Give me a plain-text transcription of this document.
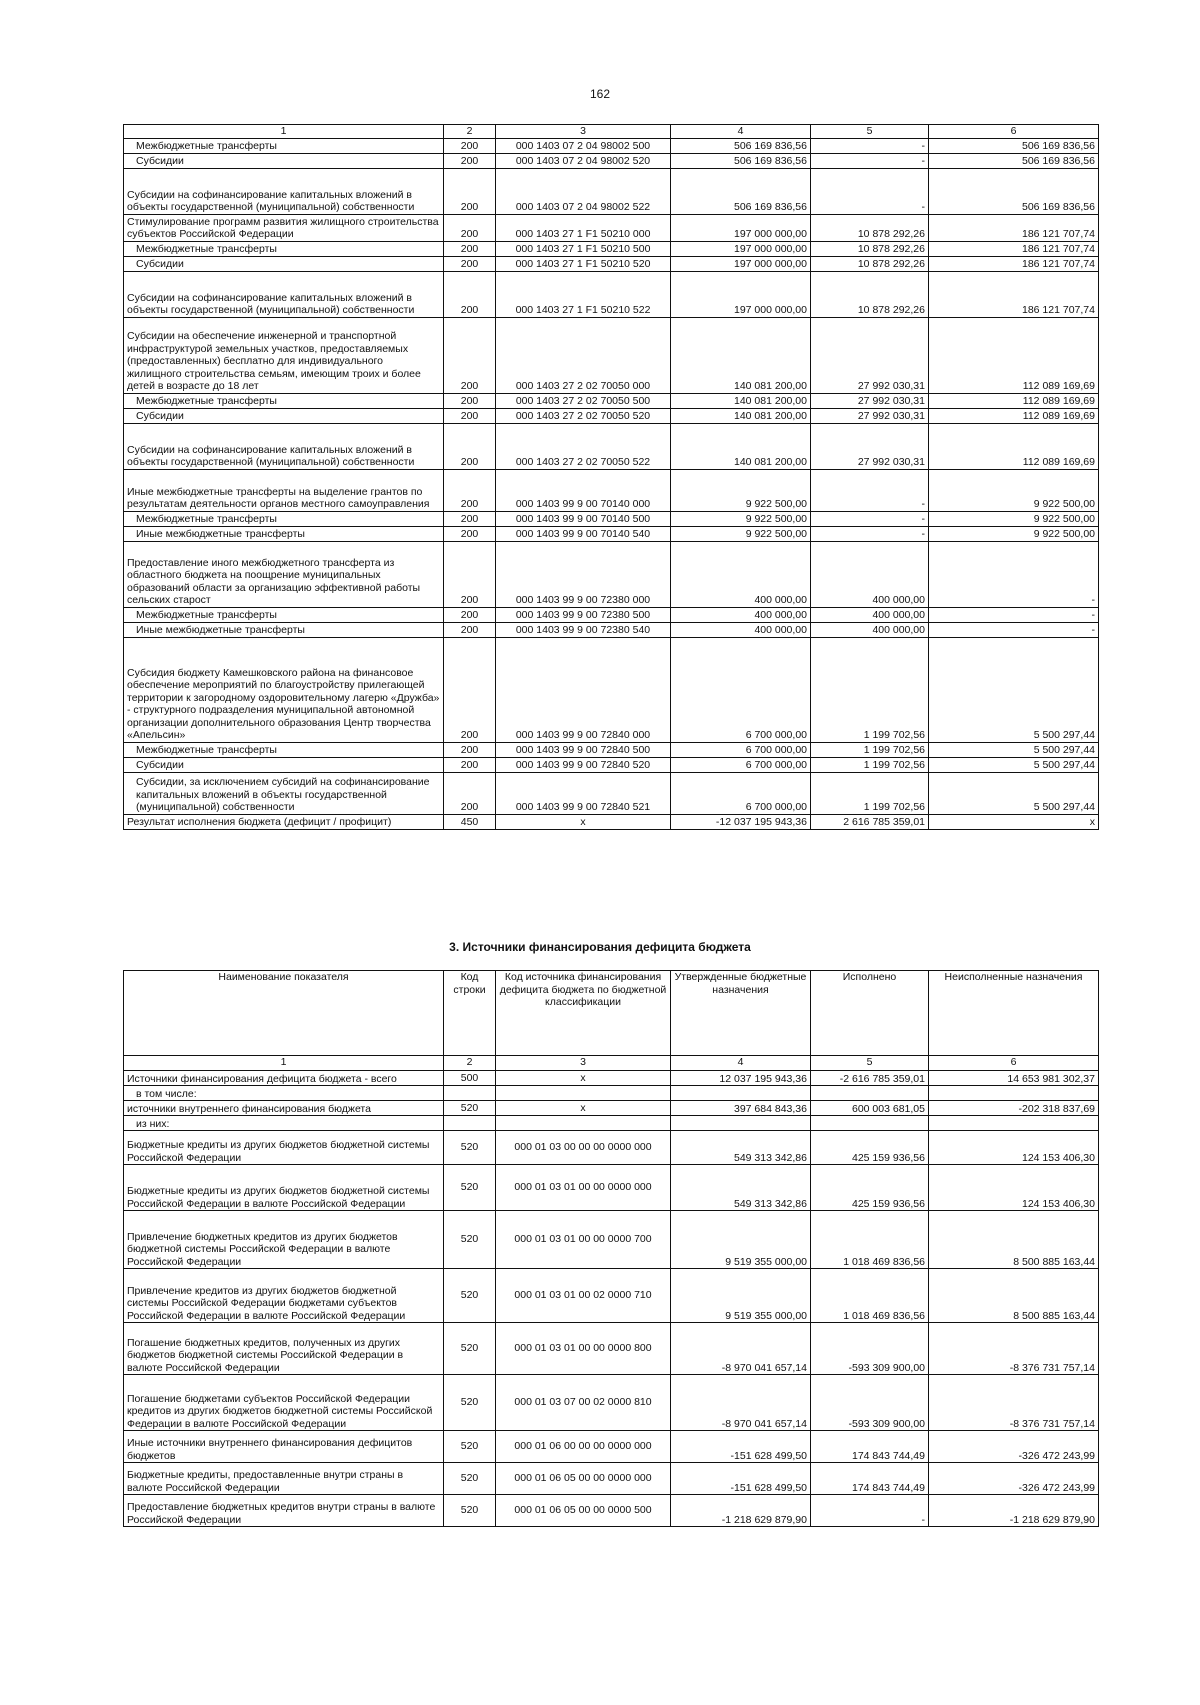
162
1	2	3	4	5	6
Межбюджетные трансферты	200	000 1403 07 2 04 98002 500	506 169 836,56	-	506 169 836,56
Субсидии	200	000 1403 07 2 04 98002 520	506 169 836,56	-	506 169 836,56
Субсидии на софинансирование капитальных вложений в объекты государственной (муниципальной) собственности	200	000 1403 07 2 04 98002 522	506 169 836,56	-	506 169 836,56
Стимулирование программ развития жилищного строительства субъектов Российской Федерации	200	000 1403 27 1 F1 50210 000	197 000 000,00	10 878 292,26	186 121 707,74
Межбюджетные трансферты	200	000 1403 27 1 F1 50210 500	197 000 000,00	10 878 292,26	186 121 707,74
Субсидии	200	000 1403 27 1 F1 50210 520	197 000 000,00	10 878 292,26	186 121 707,74
Субсидии на софинансирование капитальных вложений в объекты государственной (муниципальной) собственности	200	000 1403 27 1 F1 50210 522	197 000 000,00	10 878 292,26	186 121 707,74
Субсидии на обеспечение инженерной и транспортной инфраструктурой земельных участков, предоставляемых (предоставленных) бесплатно для индивидуального жилищного строительства семьям, имеющим троих и более детей в возрасте до 18 лет	200	000 1403 27 2 02 70050 000	140 081 200,00	27 992 030,31	112 089 169,69
Межбюджетные трансферты	200	000 1403 27 2 02 70050 500	140 081 200,00	27 992 030,31	112 089 169,69
Субсидии	200	000 1403 27 2 02 70050 520	140 081 200,00	27 992 030,31	112 089 169,69
Субсидии на софинансирование капитальных вложений в объекты государственной (муниципальной) собственности	200	000 1403 27 2 02 70050 522	140 081 200,00	27 992 030,31	112 089 169,69
Иные межбюджетные трансферты на выделение грантов по результатам деятельности органов местного самоуправления	200	000 1403 99 9 00 70140 000	9 922 500,00	-	9 922 500,00
Межбюджетные трансферты	200	000 1403 99 9 00 70140 500	9 922 500,00	-	9 922 500,00
Иные межбюджетные трансферты	200	000 1403 99 9 00 70140 540	9 922 500,00	-	9 922 500,00
Предоставление иного межбюджетного трансферта из областного бюджета на поощрение муниципальных образований области за организацию эффективной работы сельских старост	200	000 1403 99 9 00 72380 000	400 000,00	400 000,00	-
Межбюджетные трансферты	200	000 1403 99 9 00 72380 500	400 000,00	400 000,00	-
Иные межбюджетные трансферты	200	000 1403 99 9 00 72380 540	400 000,00	400 000,00	-
Субсидия бюджету Камешковского района на финансовое обеспечение мероприятий по благоустройству прилегающей территории к загородному оздоровительному лагерю «Дружба» - структурного подразделения муниципальной автономной организации дополнительного образования Центр творчества «Апельсин»	200	000 1403 99 9 00 72840 000	6 700 000,00	1 199 702,56	5 500 297,44
Межбюджетные трансферты	200	000 1403 99 9 00 72840 500	6 700 000,00	1 199 702,56	5 500 297,44
Субсидии	200	000 1403 99 9 00 72840 520	6 700 000,00	1 199 702,56	5 500 297,44
Субсидии, за исключением субсидий на софинансирование капитальных вложений в объекты государственной (муниципальной) собственности	200	000 1403 99 9 00 72840 521	6 700 000,00	1 199 702,56	5 500 297,44
Результат исполнения бюджета (дефицит / профицит)	450	x	-12 037 195 943,36	2 616 785 359,01	x
3. Источники финансирования дефицита бюджета
Наименование показателя	Код строки	Код источника финансирования дефицита бюджета по бюджетной классификации	Утвержденные бюджетные назначения	Исполнено	Неисполненные назначения
1	2	3	4	5	6
Источники финансирования дефицита бюджета - всего	500	x	12 037 195 943,36	-2 616 785 359,01	14 653 981 302,37
в том числе:					
источники внутреннего финансирования бюджета	520	x	397 684 843,36	600 003 681,05	-202 318 837,69
из них:					
Бюджетные кредиты из других бюджетов бюджетной системы Российской Федерации	520	000 01 03 00 00 00 0000 000	549 313 342,86	425 159 936,56	124 153 406,30
Бюджетные кредиты из других бюджетов бюджетной системы Российской Федерации в валюте Российской Федерации	520	000 01 03 01 00 00 0000 000	549 313 342,86	425 159 936,56	124 153 406,30
Привлечение бюджетных кредитов из других бюджетов бюджетной системы Российской Федерации в валюте Российской Федерации	520	000 01 03 01 00 00 0000 700	9 519 355 000,00	1 018 469 836,56	8 500 885 163,44
Привлечение кредитов из других бюджетов бюджетной системы Российской Федерации бюджетами субъектов Российской Федерации в валюте Российской Федерации	520	000 01 03 01 00 02 0000 710	9 519 355 000,00	1 018 469 836,56	8 500 885 163,44
Погашение бюджетных кредитов, полученных из других бюджетов бюджетной системы Российской Федерации в валюте Российской Федерации	520	000 01 03 01 00 00 0000 800	-8 970 041 657,14	-593 309 900,00	-8 376 731 757,14
Погашение бюджетами субъектов Российской Федерации кредитов из других бюджетов бюджетной системы Российской Федерации в валюте Российской Федерации	520	000 01 03 07 00 02 0000 810	-8 970 041 657,14	-593 309 900,00	-8 376 731 757,14
Иные источники внутреннего финансирования дефицитов бюджетов	520	000 01 06 00 00 00 0000 000	-151 628 499,50	174 843 744,49	-326 472 243,99
Бюджетные кредиты, предоставленные внутри страны в валюте Российской Федерации	520	000 01 06 05 00 00 0000 000	-151 628 499,50	174 843 744,49	-326 472 243,99
Предоставление бюджетных кредитов внутри страны в валюте Российской Федерации	520	000 01 06 05 00 00 0000 500	-1 218 629 879,90	-	-1 218 629 879,90
